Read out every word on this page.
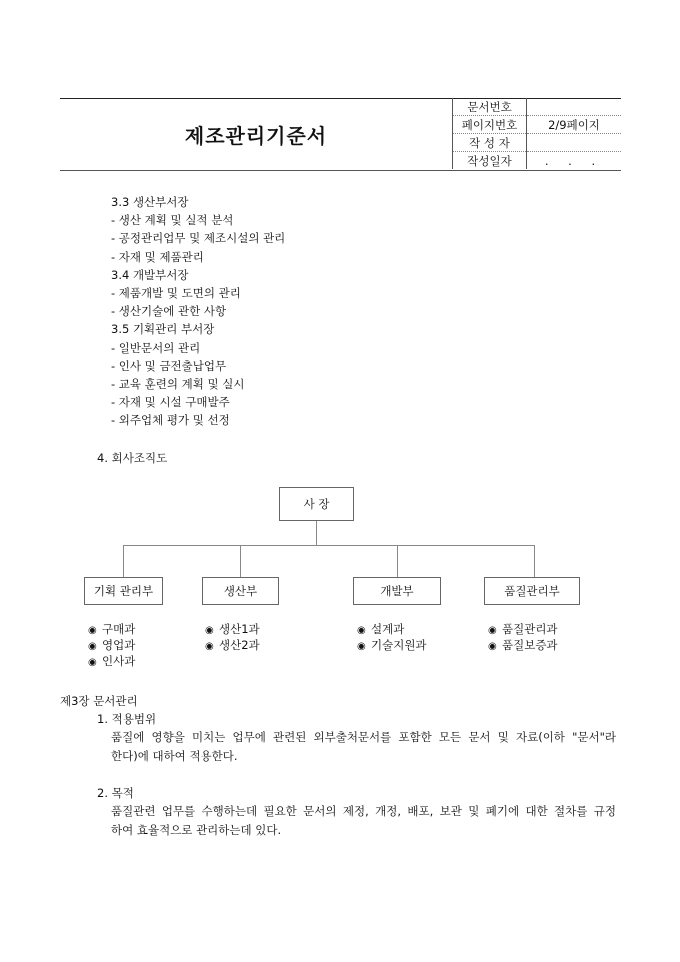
제조관리기준서
문서번호	
페이지번호	2/9페이지
작 성 자	
작성일자	. . .
3.3 생산부서장
- 생산 계획 및 실적 분석
- 공정관리업무 및 제조시설의 관리
- 자재 및 제품관리
3.4 개발부서장
- 제품개발 및 도면의 관리
- 생산기술에 관한 사항
3.5 기획관리 부서장
- 일반문서의 관리
- 인사 및 금전출납업무
- 교육 훈련의 계획 및 실시
- 자재 및 시설 구매발주
- 외주업체 평가 및 선정
4. 회사조직도
사 장
기획 관리부	생산부	개발부	품질관리부
◉ 구매과
◉ 영업과
◉ 인사과
◉ 생산1과
◉ 생산2과
◉ 설계과
◉ 기술지원과
◉ 품질관리과
◉ 품질보증과
제3장 문서관리
1. 적용범위
품질에 영향을 미치는 업무에 관련된 외부출처문서를 포함한 모든 문서 및 자료(이하 "문서"라
한다)에 대하여 적용한다.
2. 목적
품질관련 업무를 수행하는데 필요한 문서의 제정, 개정, 배포, 보관 및 폐기에 대한 절차를 규정
하여 효율적으로 관리하는데 있다.
